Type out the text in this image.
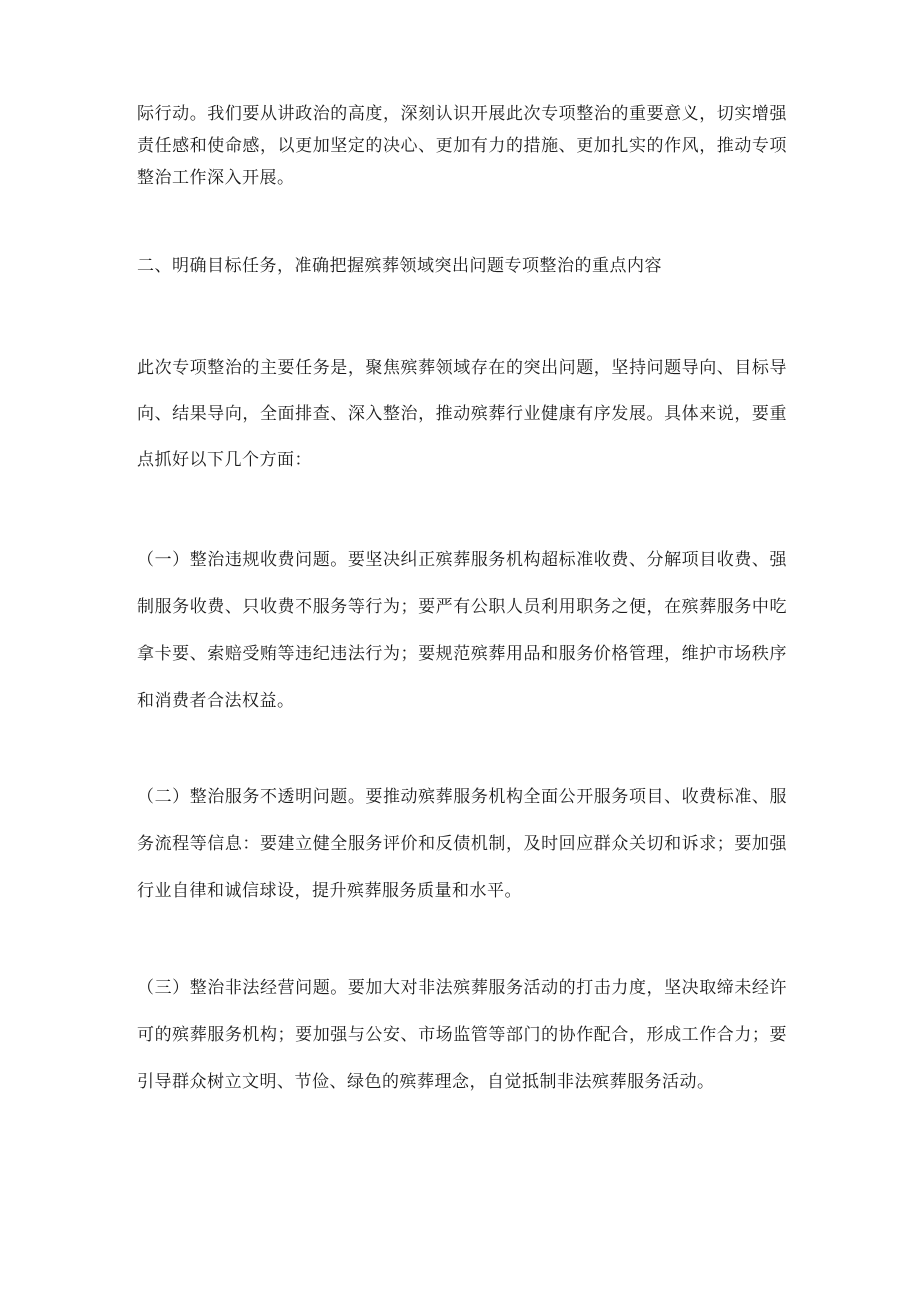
际行动。我们要从讲政治的高度，深刻认识开展此次专项整治的重要意义，切实增强责任感和使命感，以更加坚定的决心、更加有力的措施、更加扎实的作风，推动专项整治工作深入开展。

二、明确目标任务，准确把握殡葬领域突出问题专项整治的重点内容

此次专项整治的主要任务是，聚焦殡葬领域存在的突出问题，坚持问题导向、目标导向、结果导向，全面排查、深入整治，推动殡葬行业健康有序发展。具体来说，要重点抓好以下几个方面：

（一）整治违规收费问题。要坚决纠正殡葬服务机构超标准收费、分解项目收费、强制服务收费、只收费不服务等行为；要严有公职人员利用职务之便，在殡葬服务中吃拿卡要、索赔受贿等违纪违法行为；要规范殡葬用品和服务价格管理，维护市场秩序和消费者合法权益。

（二）整治服务不透明问题。要推动殡葬服务机构全面公开服务项目、收费标准、服务流程等信息：要建立健全服务评价和反债机制，及时回应群众关切和诉求；要加强行业自律和诚信球设，提升殡葬服务质量和水平。

（三）整治非法经营问题。要加大对非法殡葬服务活动的打击力度，坚决取缔未经许可的殡葬服务机构；要加强与公安、市场监管等部门的协作配合，形成工作合力；要引导群众树立文明、节俭、绿色的殡葬理念，自觉抵制非法殡葬服务活动。
